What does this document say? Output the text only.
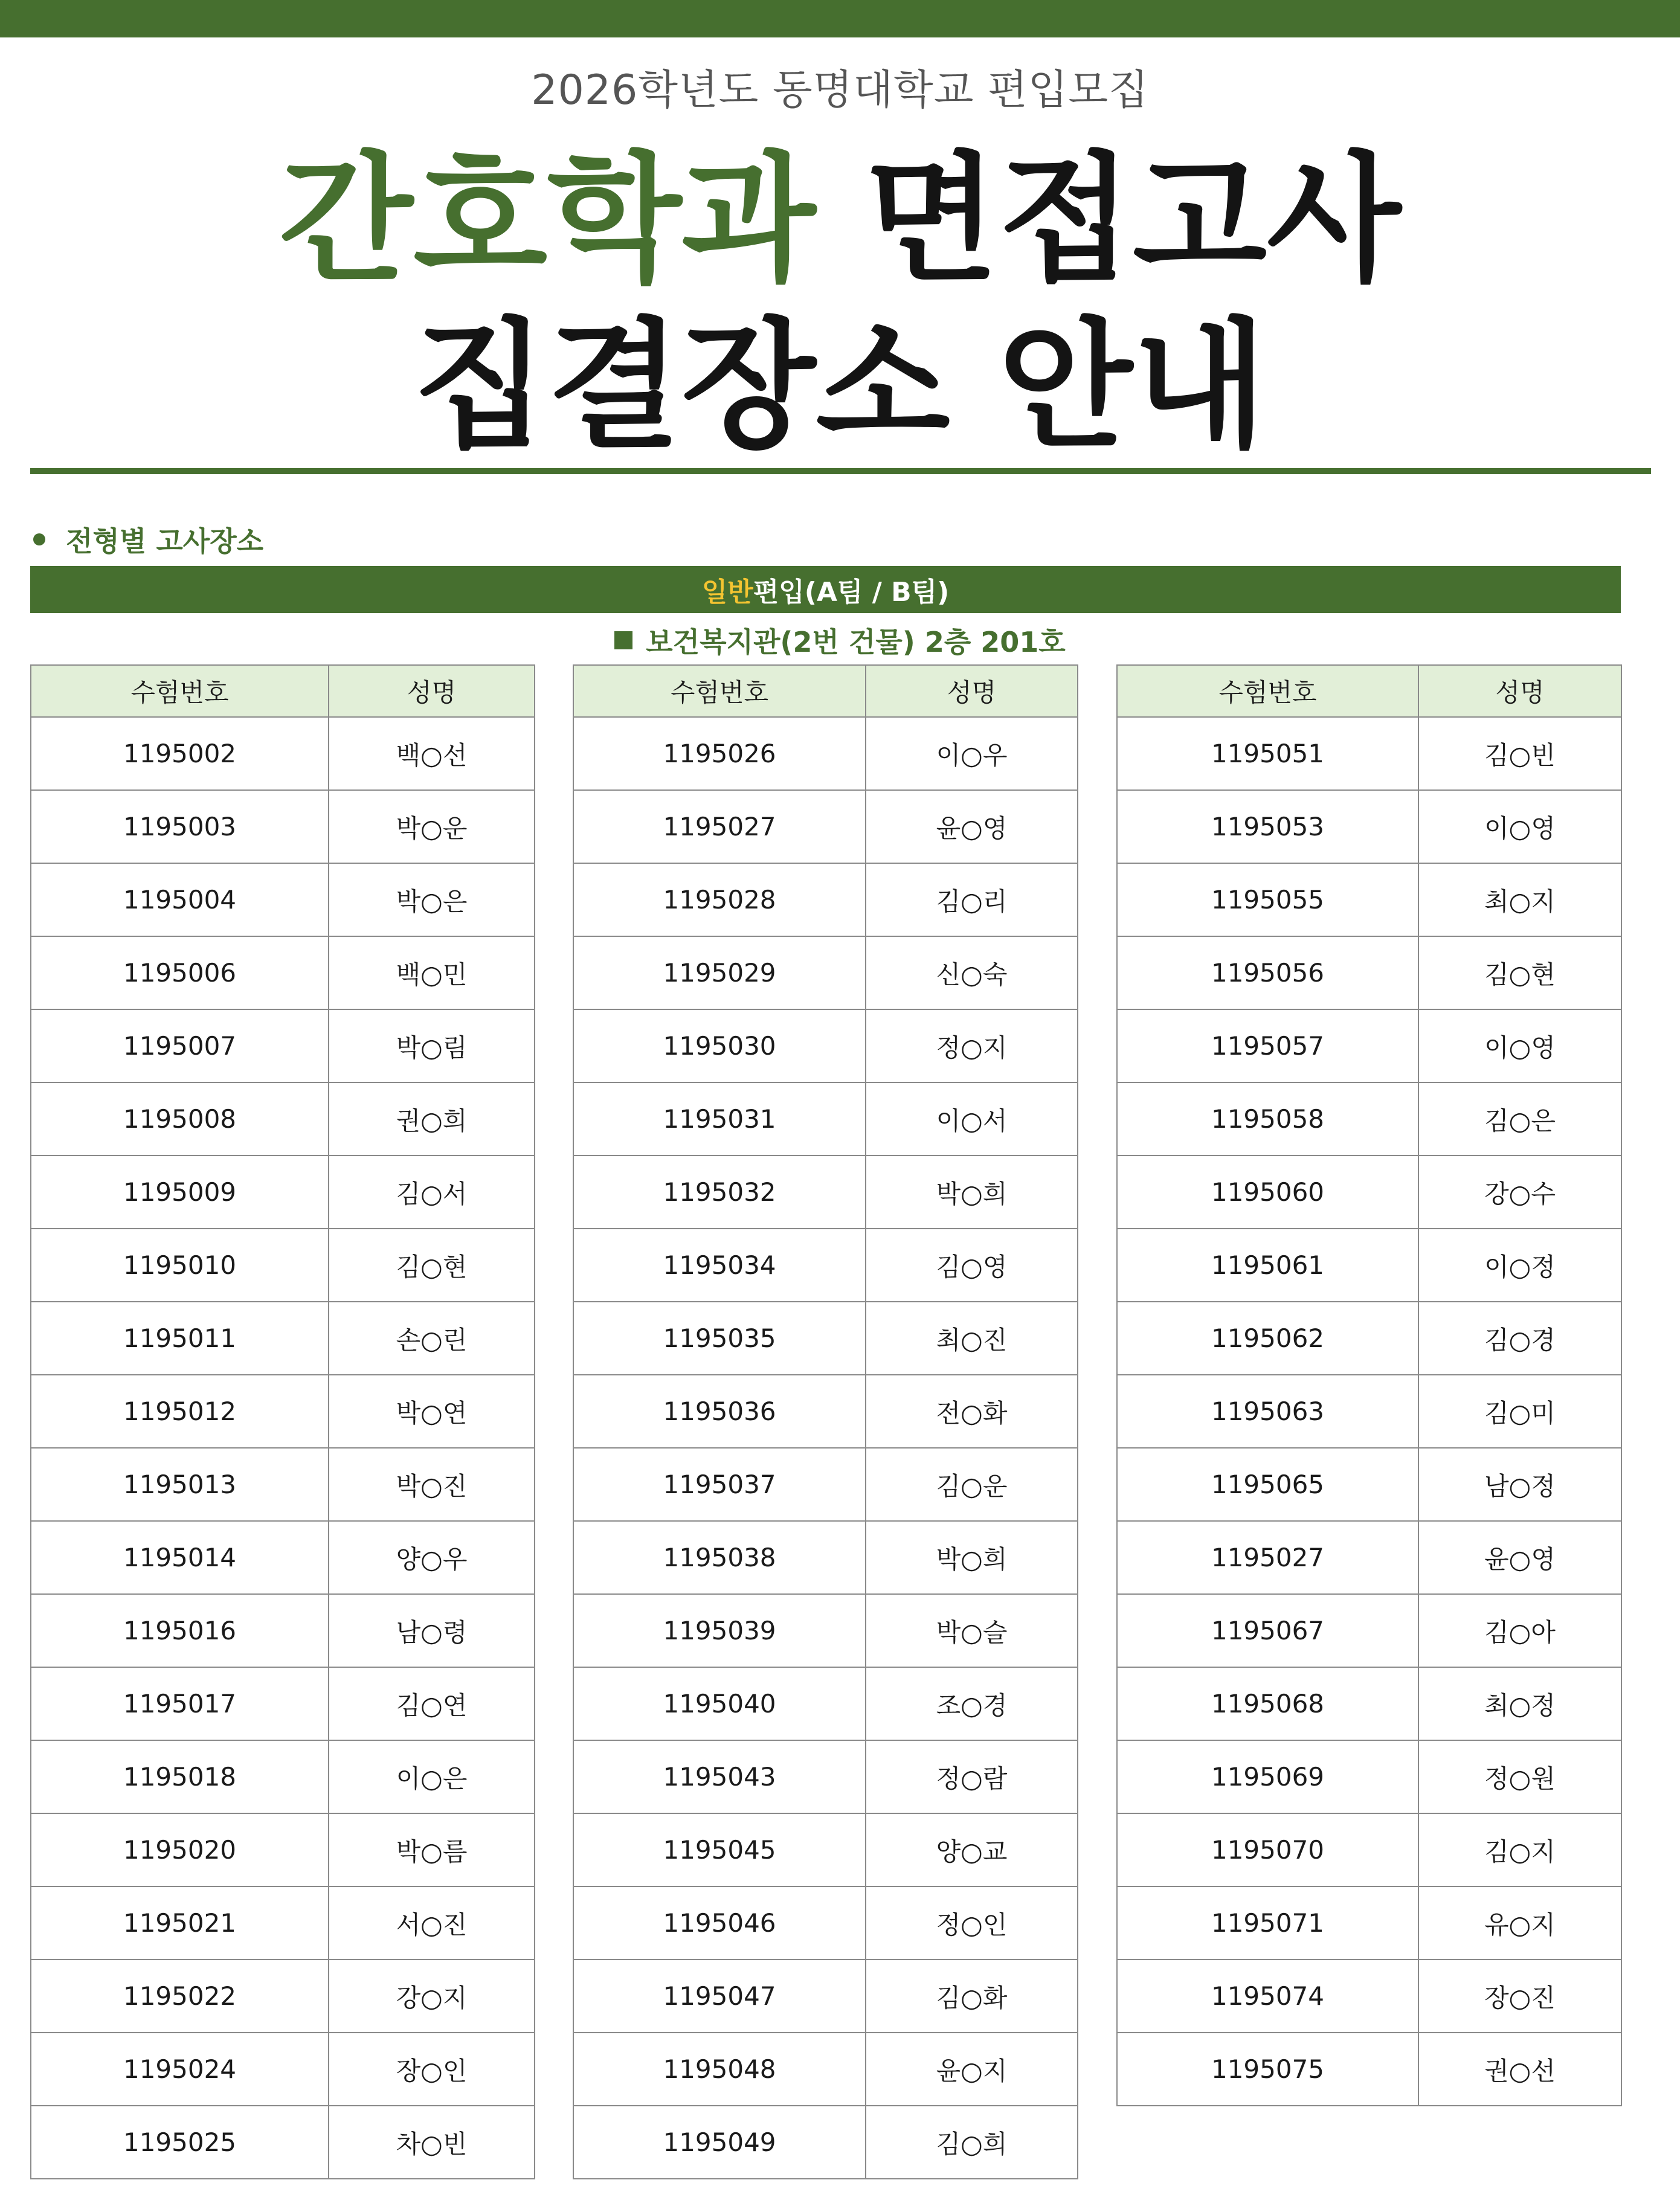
2026학년도 동명대학교 편입모집
간호학과 면접고사
집결장소 안내
전형별 고사장소
일반 편입(A팀 / B팀)
보건복지관(2번 건물) 2층 201호
수험번호	성명
1195002	백○선
1195003	박○운
1195004	박○은
1195006	백○민
1195007	박○림
1195008	권○희
1195009	김○서
1195010	김○현
1195011	손○린
1195012	박○연
1195013	박○진
1195014	양○우
1195016	남○령
1195017	김○연
1195018	이○은
1195020	박○름
1195021	서○진
1195022	강○지
1195024	장○인
1195025	차○빈
수험번호	성명
1195026	이○우
1195027	윤○영
1195028	김○리
1195029	신○숙
1195030	정○지
1195031	이○서
1195032	박○희
1195034	김○영
1195035	최○진
1195036	전○화
1195037	김○운
1195038	박○희
1195039	박○슬
1195040	조○경
1195043	정○람
1195045	양○교
1195046	정○인
1195047	김○화
1195048	윤○지
1195049	김○희
수험번호	성명
1195051	김○빈
1195053	이○영
1195055	최○지
1195056	김○현
1195057	이○영
1195058	김○은
1195060	강○수
1195061	이○정
1195062	김○경
1195063	김○미
1195065	남○정
1195027	윤○영
1195067	김○아
1195068	최○정
1195069	정○원
1195070	김○지
1195071	유○지
1195074	장○진
1195075	권○선
